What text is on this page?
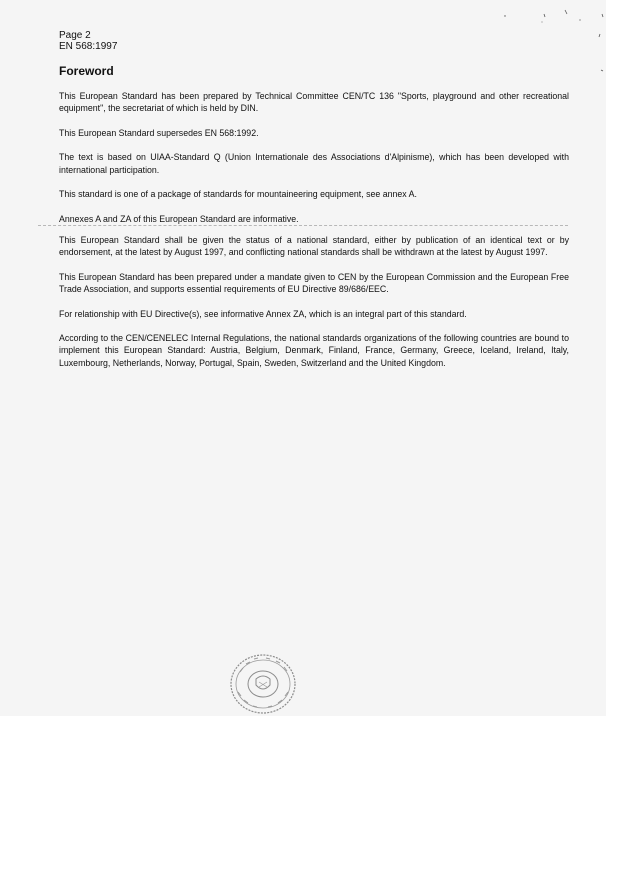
Page 2
EN 568:1997
Foreword

This European Standard has been prepared by Technical Committee CEN/TC 136 "Sports, playground and other recreational equipment", the secretariat of which is held by DIN.

This European Standard supersedes EN 568:1992.

The text is based on UIAA-Standard Q (Union Internationale des Associations d'Alpinisme), which has been developed with international participation.

This standard is one of a package of standards for mountaineering equipment, see annex A.

Annexes A and ZA of this European Standard are informative.

This European Standard shall be given the status of a national standard, either by publication of an identical text or by endorsement, at the latest by August 1997, and conflicting national standards shall be withdrawn at the latest by August 1997.

This European Standard has been prepared under a mandate given to CEN by the European Commission and the European Free Trade Association, and supports essential requirements of EU Directive 89/686/EEC.

For relationship with EU Directive(s), see informative Annex ZA, which is an integral part of this standard.

According to the CEN/CENELEC Internal Regulations, the national standards organizations of the following countries are bound to implement this European Standard: Austria, Belgium, Denmark, Finland, France, Germany, Greece, Iceland, Ireland, Italy, Luxembourg, Netherlands, Norway, Portugal, Spain, Sweden, Switzerland and the United Kingdom.
